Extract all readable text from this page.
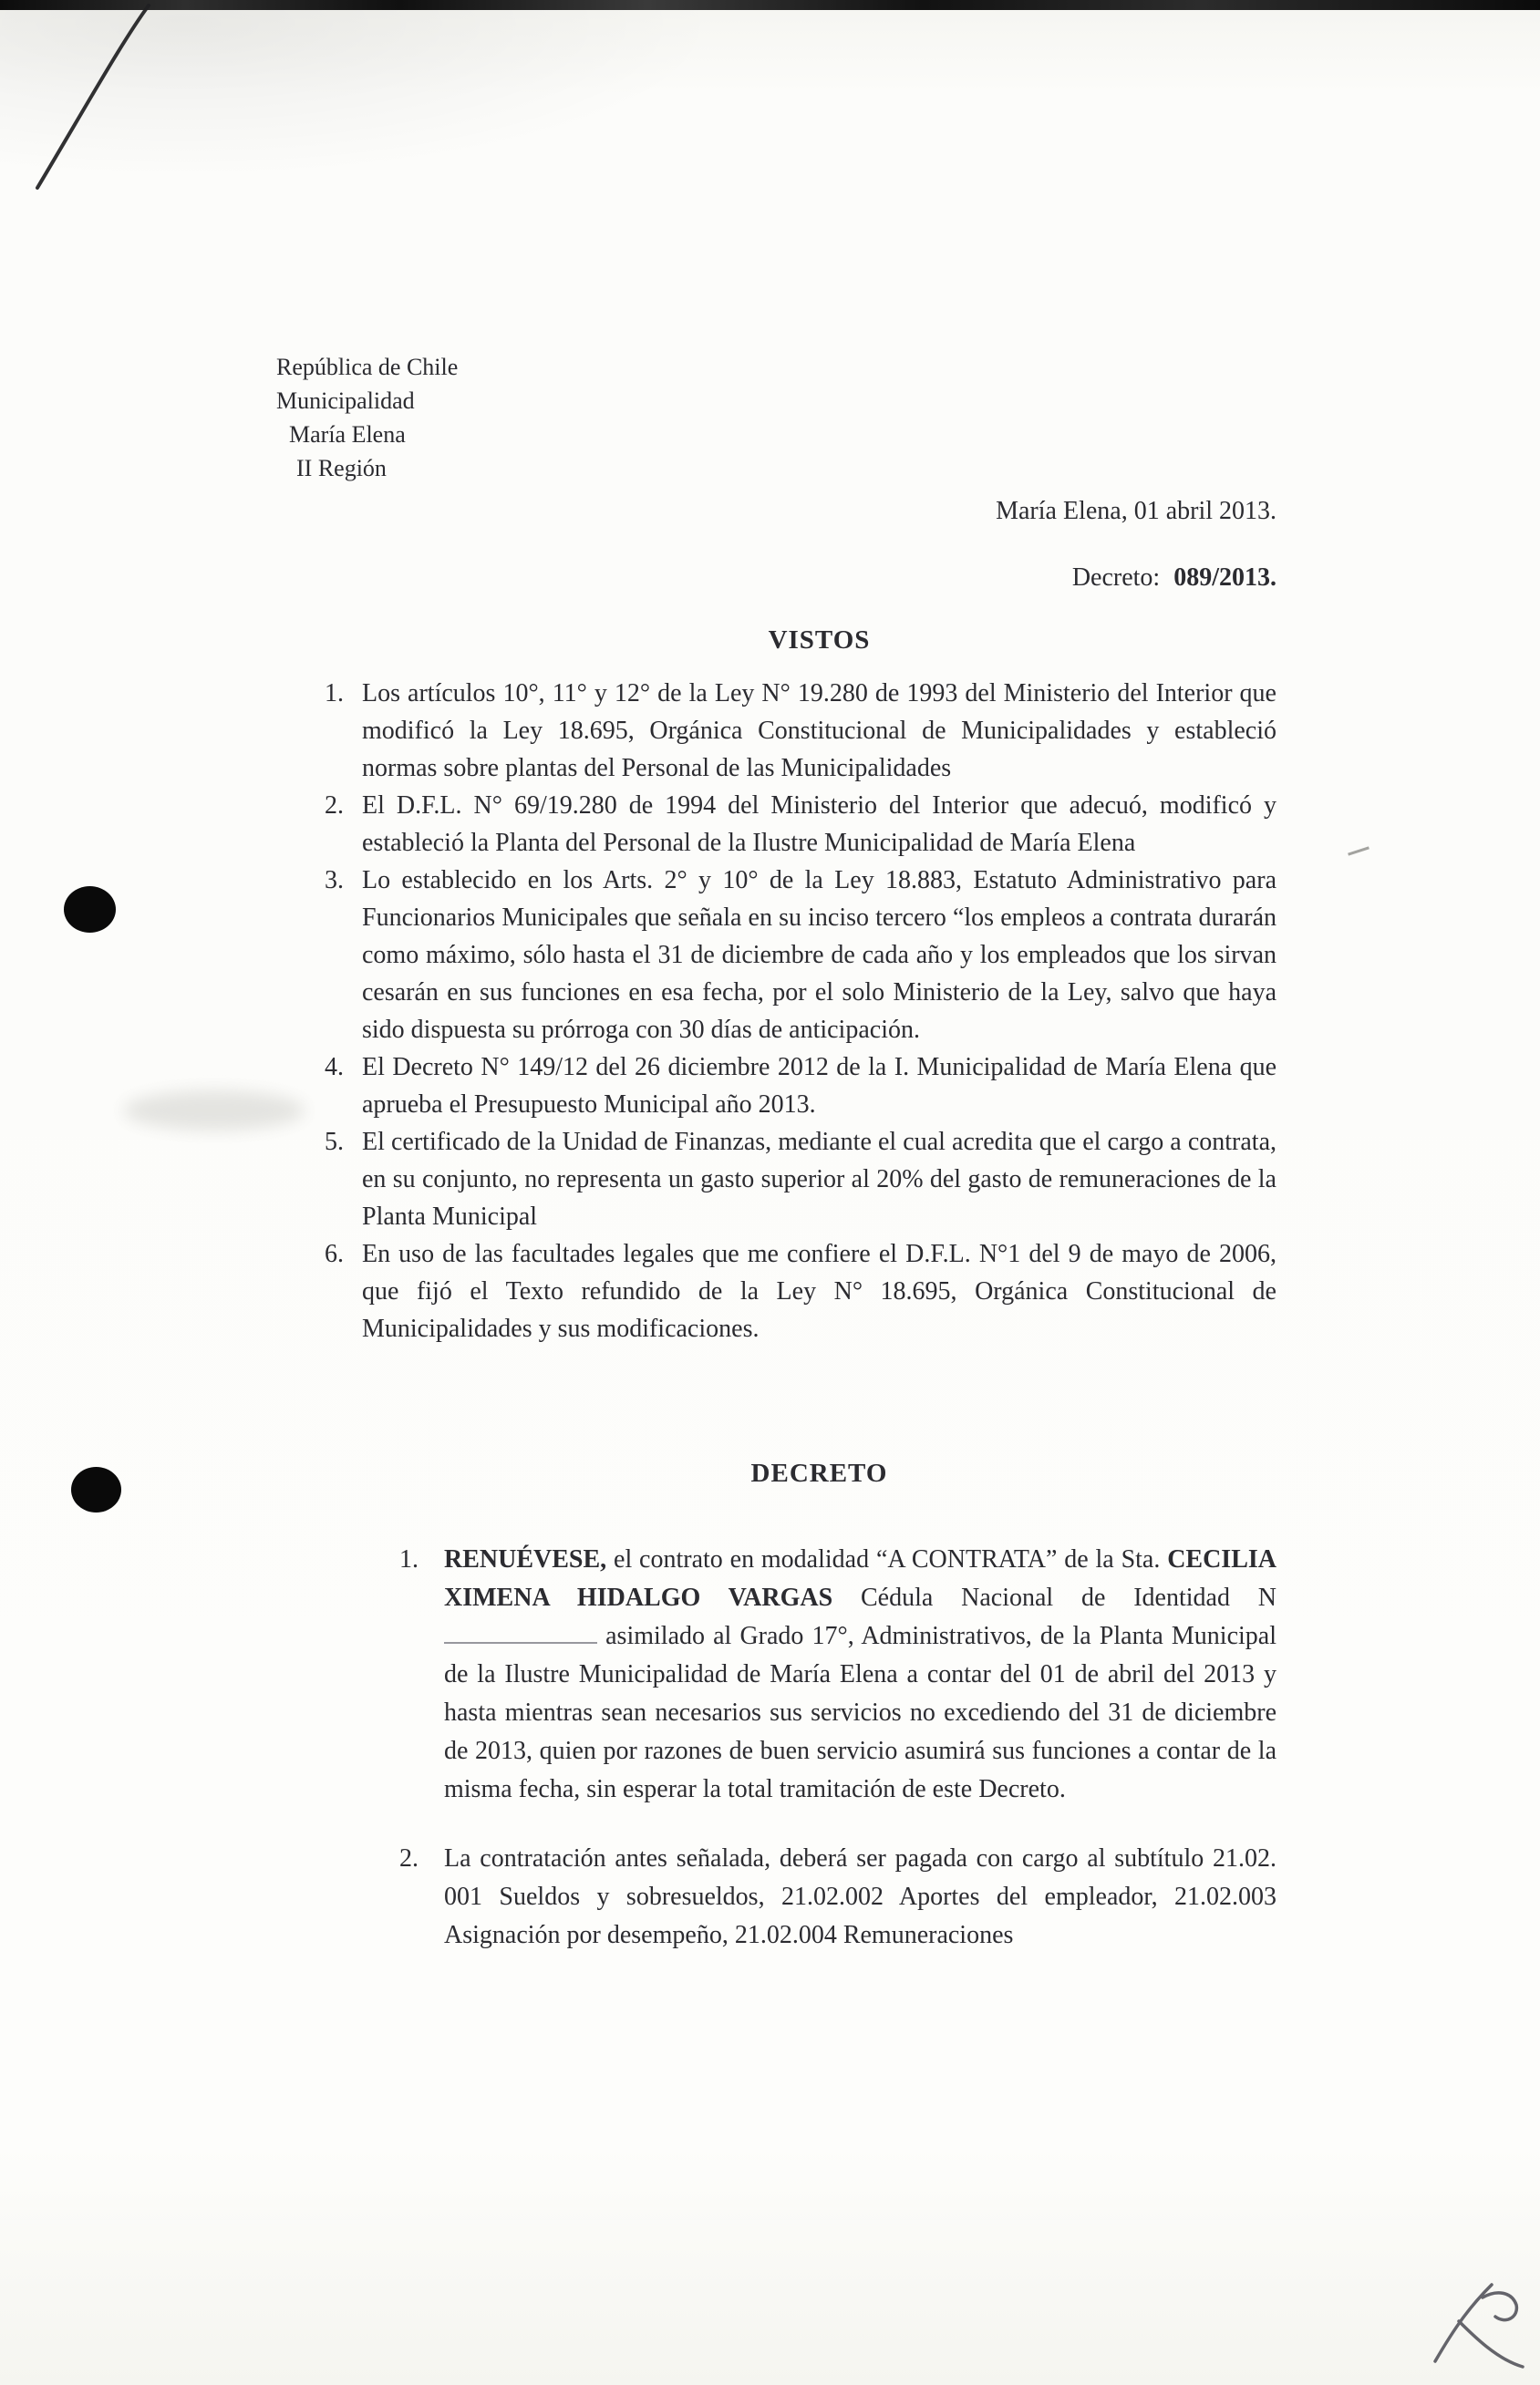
República de Chile
Municipalidad
María Elena
II Región
María Elena, 01 abril 2013.
Decreto: 089/2013.
VISTOS
1. Los artículos 10°, 11° y 12° de la Ley N° 19.280 de 1993 del Ministerio del Interior que modificó la Ley 18.695, Orgánica Constitucional de Municipalidades y estableció normas sobre plantas del Personal de las Municipalidades
2. El D.F.L. N° 69/19.280 de 1994 del Ministerio del Interior que adecuó, modificó y estableció la Planta del Personal de la Ilustre Municipalidad de María Elena
3. Lo establecido en los Arts. 2° y 10° de la Ley 18.883, Estatuto Administrativo para Funcionarios Municipales que señala en su inciso tercero “los empleos a contrata durarán como máximo, sólo hasta el 31 de diciembre de cada año y los empleados que los sirvan cesarán en sus funciones en esa fecha, por el solo Ministerio de la Ley, salvo que haya sido dispuesta su prórroga con 30 días de anticipación.
4. El Decreto N° 149/12 del 26 diciembre 2012 de la I. Municipalidad de María Elena que aprueba el Presupuesto Municipal año 2013.
5. El certificado de la Unidad de Finanzas, mediante el cual acredita que el cargo a contrata, en su conjunto, no representa un gasto superior al 20% del gasto de remuneraciones de la Planta Municipal
6. En uso de las facultades legales que me confiere el D.F.L. N°1 del 9 de mayo de 2006, que fijó el Texto refundido de la Ley N° 18.695, Orgánica Constitucional de Municipalidades y sus modificaciones.
DECRETO
1. RENUÉVESE, el contrato en modalidad “A CONTRATA” de la Sta. CECILIA XIMENA HIDALGO VARGAS Cédula Nacional de Identidad N asimilado al Grado 17°, Administrativos, de la Planta Municipal de la Ilustre Municipalidad de María Elena a contar del 01 de abril del 2013 y hasta mientras sean necesarios sus servicios no excediendo del 31 de diciembre de 2013, quien por razones de buen servicio asumirá sus funciones a contar de la misma fecha, sin esperar la total tramitación de este Decreto.
2. La contratación antes señalada, deberá ser pagada con cargo al subtítulo 21.02. 001 Sueldos y sobresueldos, 21.02.002 Aportes del empleador, 21.02.003 Asignación por desempeño, 21.02.004 Remuneraciones
